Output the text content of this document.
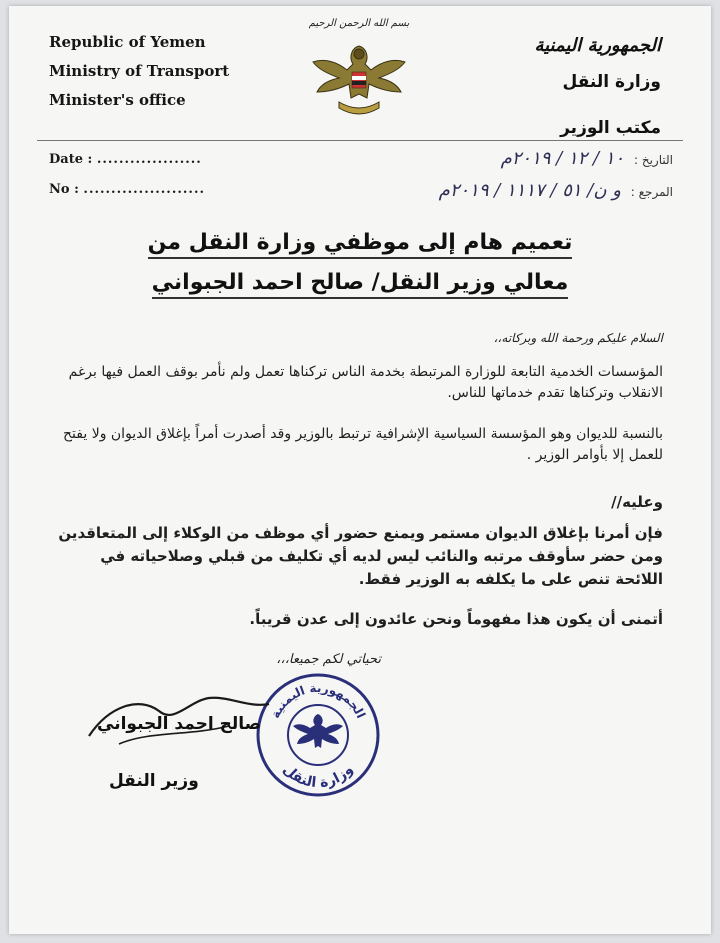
Republic of Yemen
Ministry of Transport
Minister's office
بسم الله الرحمن الرحيم
الجمهورية اليمنية
وزارة النقل
مكتب الوزير
Date : ...................
No : ......................
التاريخ : ١٠ / ١٢ / ٢٠١٩م
المرجع : و ن/ ٥١ / ١١١٧ / ٢٠١٩م
تعميم هام إلى موظفي وزارة النقل من
معالي وزير النقل/ صالح احمد الجبواني
السلام عليكم ورحمة الله وبركاته،،
المؤسسات الخدمية التابعة للوزارة المرتبطة بخدمة الناس تركناها تعمل ولم نأمر بوقف العمل فيها برغم الانقلاب وتركناها تقدم خدماتها للناس.
بالنسبة للديوان وهو المؤسسة السياسية الإشرافية ترتبط بالوزير وقد أصدرت أمراً بإغلاق الديوان ولا يفتح للعمل إلا بأوامر الوزير .
وعليه//
فإن أمرنا بإغلاق الديوان مستمر ويمنع حضور أي موظف من الوكلاء إلى المتعاقدين ومن حضر سأوقف مرتبه والنائب ليس لديه أي تكليف من قبلي وصلاحياته في اللائحة تنص على ما يكلفه به الوزير فقط.
أتمنى أن يكون هذا مفهوماً ونحن عائدون إلى عدن قريباً.
تحياتي لكم جميعا،،،
الجمهورية اليمنية
وزارة النقل
صالح احمد الجبواني
وزير النقل
